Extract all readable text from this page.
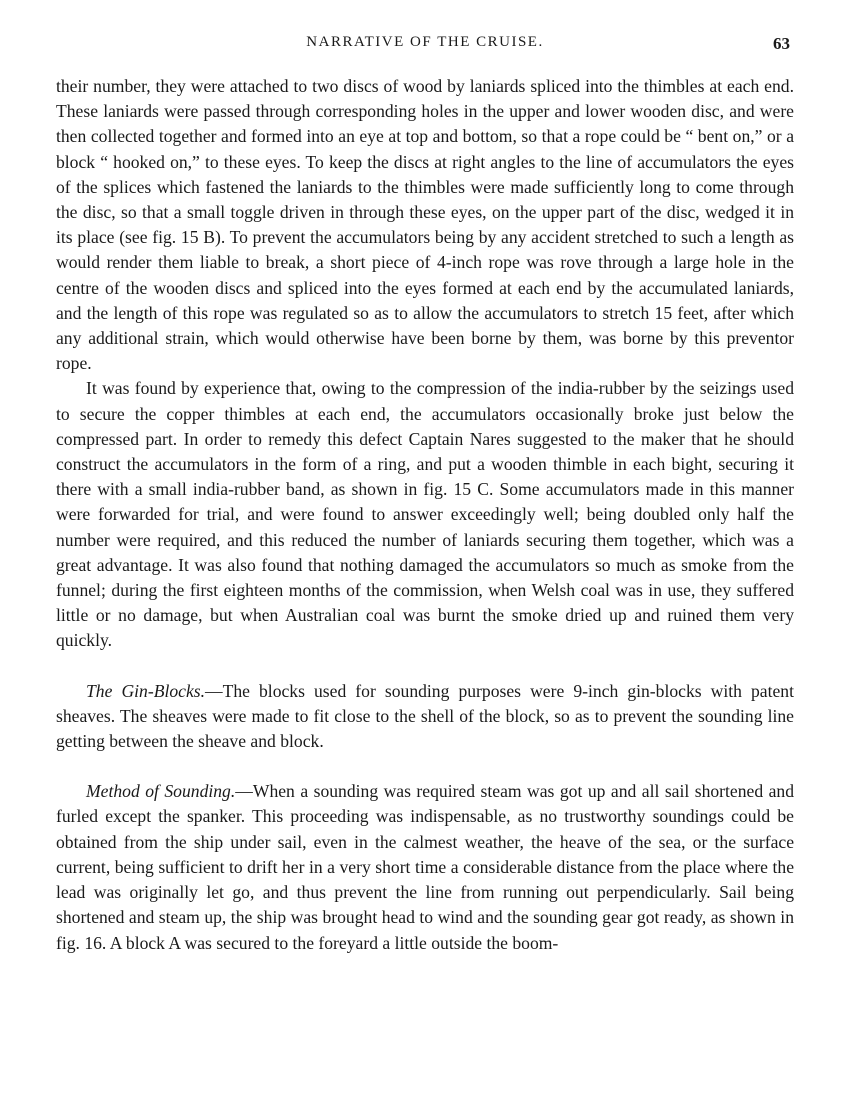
NARRATIVE OF THE CRUISE.	63

their number, they were attached to two discs of wood by laniards spliced into the thimbles at each end. These laniards were passed through corresponding holes in the upper and lower wooden disc, and were then collected together and formed into an eye at top and bottom, so that a rope could be “ bent on,” or a block “ hooked on,” to these eyes. To keep the discs at right angles to the line of accumulators the eyes of the splices which fastened the laniards to the thimbles were made sufficiently long to come through the disc, so that a small toggle driven in through these eyes, on the upper part of the disc, wedged it in its place (see fig. 15 B). To prevent the accumulators being by any accident stretched to such a length as would render them liable to break, a short piece of 4-inch rope was rove through a large hole in the centre of the wooden discs and spliced into the eyes formed at each end by the accumulated laniards, and the length of this rope was regulated so as to allow the accumulators to stretch 15 feet, after which any additional strain, which would otherwise have been borne by them, was borne by this preventor rope.

It was found by experience that, owing to the compression of the india-rubber by the seizings used to secure the copper thimbles at each end, the accumulators occasionally broke just below the compressed part. In order to remedy this defect Captain Nares suggested to the maker that he should construct the accumulators in the form of a ring, and put a wooden thimble in each bight, securing it there with a small india-rubber band, as shown in fig. 15 C. Some accumulators made in this manner were forwarded for trial, and were found to answer exceedingly well; being doubled only half the number were required, and this reduced the number of laniards securing them together, which was a great advantage. It was also found that nothing damaged the accumulators so much as smoke from the funnel; during the first eighteen months of the commission, when Welsh coal was in use, they suffered little or no damage, but when Australian coal was burnt the smoke dried up and ruined them very quickly.

The Gin-Blocks.—The blocks used for sounding purposes were 9-inch gin-blocks with patent sheaves. The sheaves were made to fit close to the shell of the block, so as to prevent the sounding line getting between the sheave and block.

Method of Sounding.—When a sounding was required steam was got up and all sail shortened and furled except the spanker. This proceeding was indispensable, as no trustworthy soundings could be obtained from the ship under sail, even in the calmest weather, the heave of the sea, or the surface current, being sufficient to drift her in a very short time a considerable distance from the place where the lead was originally let go, and thus prevent the line from running out perpendicularly. Sail being shortened and steam up, the ship was brought head to wind and the sounding gear got ready, as shown in fig. 16. A block A was secured to the foreyard a little outside the boom-
